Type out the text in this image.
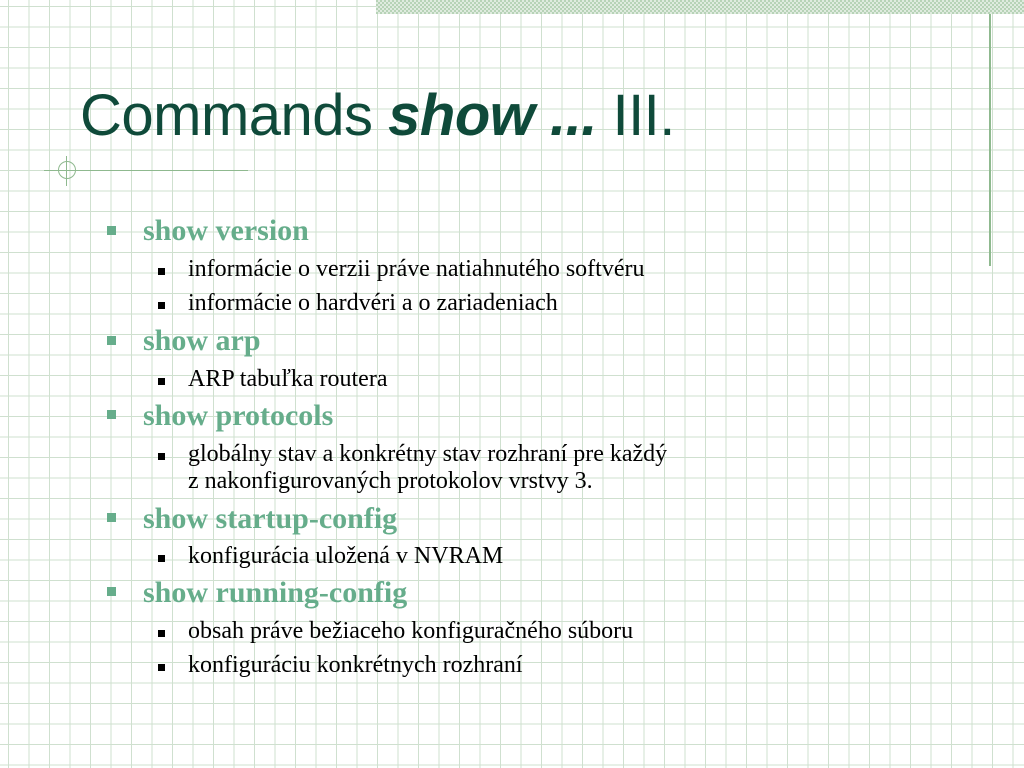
Commands show ... III.
show version
informácie o verzii práve natiahnutého softvéru
informácie o hardvéri a o zariadeniach
show arp
ARP tabuľka routera
show protocols
globálny stav a konkrétny stav rozhraní pre každý
z nakonfigurovaných protokolov vrstvy 3.
show startup-config
konfigurácia uložená v NVRAM
show running-config
obsah práve bežiaceho konfiguračného súboru
konfiguráciu konkrétnych rozhraní
